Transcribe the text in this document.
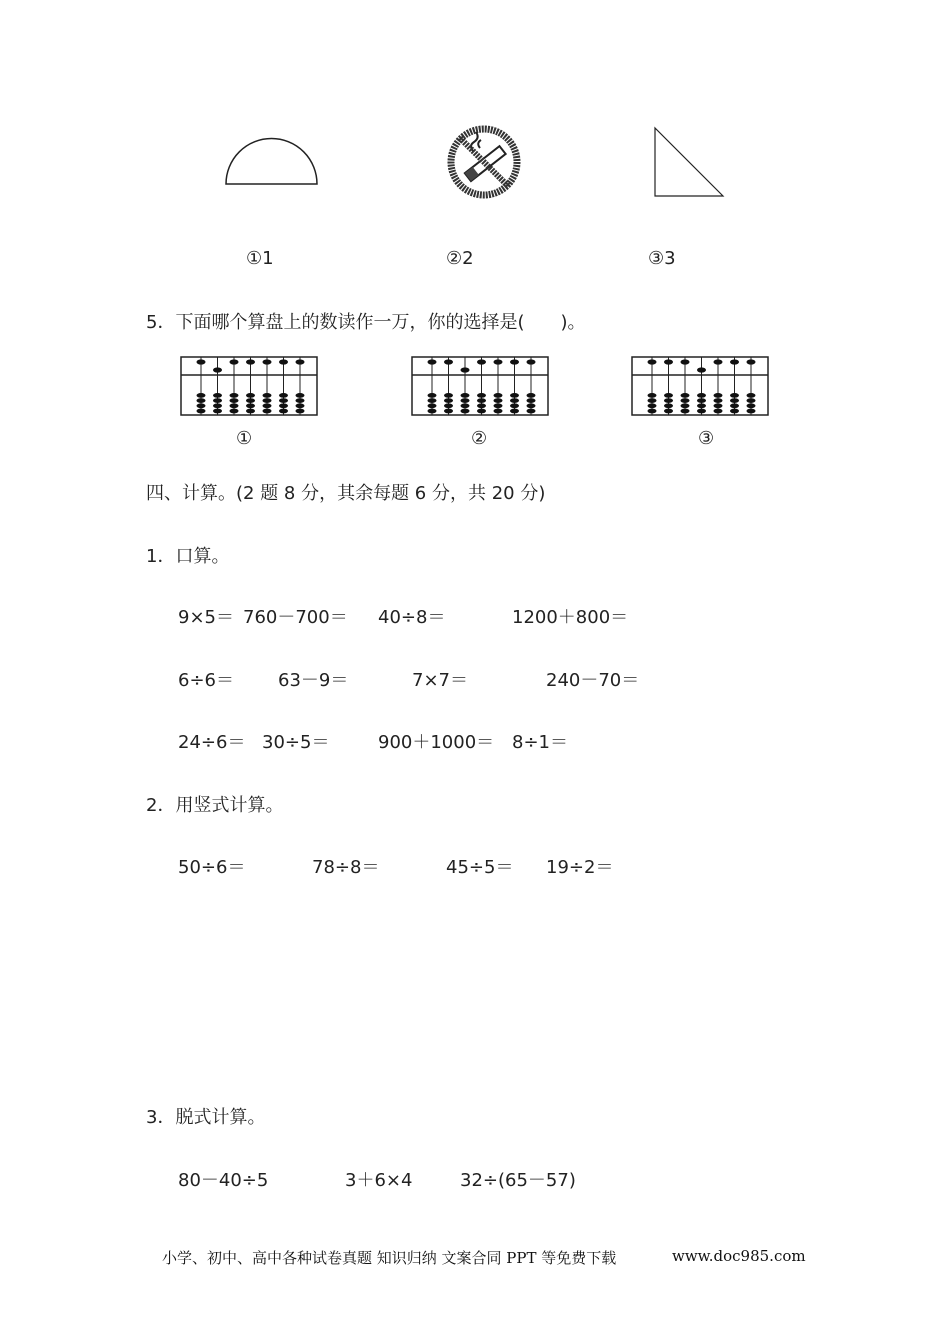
①1	②2	③3
5．下面哪个算盘上的数读作一万，你的选择是(　　)。
①	②	③
四、计算。(2 题 8 分，其余每题 6 分，共 20 分)
1．口算。
9×5＝ 760－700＝ 40÷8＝	1200＋800＝
6÷6＝ 63－9＝	7×7＝	240－70＝
24÷6＝ 30÷5＝	900＋1000＝ 8÷1＝
2．用竖式计算。
50÷6＝	78÷8＝	45÷5＝ 19÷2＝
3．脱式计算。
80－40÷5	3＋6×4	32÷(65－57)
小学、初中、高中各种试卷真题 知识归纳 文案合同 PPT 等免费下载	www.doc985.com
